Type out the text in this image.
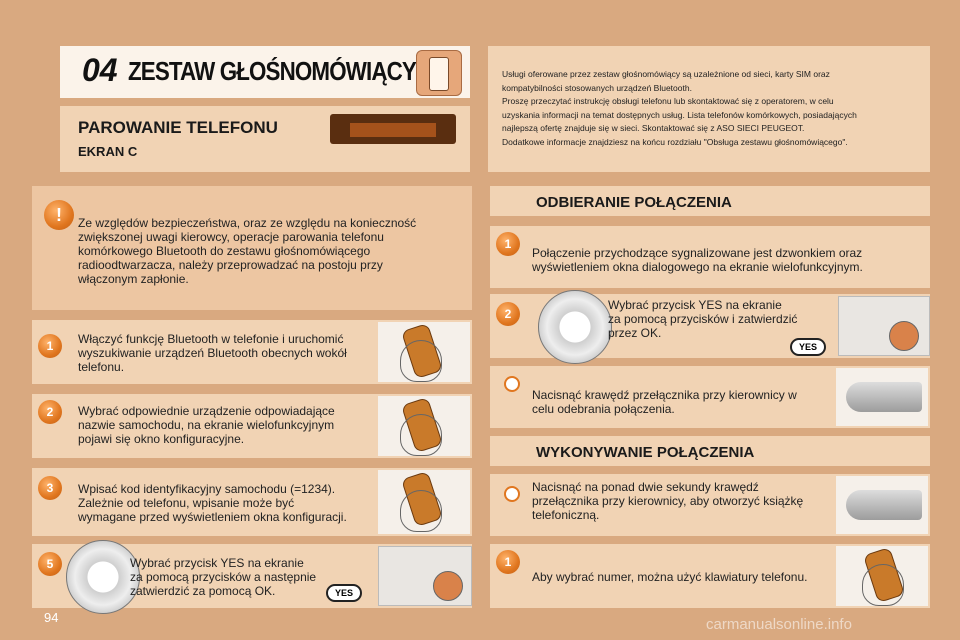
04 ZESTAW GŁOŚNOMÓWIĄCY	Usługi oferowane przez zestaw głośnomówiący są uzależnione od sieci, karty SIM oraz
kompatybilności stosowanych urządzeń Bluetooth.
Proszę przeczytać instrukcję obsługi telefonu lub skontaktować się z operatorem, w celu
uzyskania informacji na temat dostępnych usług. Lista telefonów komórkowych, posiadających
najlepszą ofertę znajduje się w sieci. Skontaktować się z ASO SIECI PEUGEOT.
Dodatkowe informacje znajdziesz na końcu rozdziału "Obsługa zestawu głośnomówiącego".
PAROWANIE TELEFONU
EKRAN C
!	Ze względów bezpieczeństwa, oraz ze względu na konieczność
zwiększonej uwagi kierowcy, operacje parowania telefonu
komórkowego Bluetooth do zestawu głośnomówiącego
radioodtwarzacza, należy przeprowadzać na postoju przy
włączonym zapłonie.
1	Włączyć funkcję Bluetooth w telefonie i uruchomić
wyszukiwanie urządzeń Bluetooth obecnych wokół
telefonu.
2	Wybrać odpowiednie urządzenie odpowiadające
nazwie samochodu, na ekranie wielofunkcyjnym
pojawi się okno konfiguracyjne.
3	Wpisać kod identyfikacyjny samochodu (=1234).
Zależnie od telefonu, wpisanie może być
wymagane przed wyświetleniem okna konfiguracji.
5	Wybrać przycisk YES na ekranie
za pomocą przycisków a następnie
zatwierdzić za pomocą OK.	YES
ODBIERANIE POŁĄCZENIA
1
Połączenie przychodzące sygnalizowane jest dzwonkiem oraz
wyświetleniem okna dialogowego na ekranie wielofunkcyjnym.
2
Wybrać przycisk YES na ekranie
za pomocą przycisków i zatwierdzić
przez OK.
YES
Nacisnąć krawędź przełącznika przy kierownicy w
celu odebrania połączenia.
WYKONYWANIE POŁĄCZENIA
Nacisnąć na ponad dwie sekundy krawędź
przełącznika przy kierownicy, aby otworzyć książkę
telefoniczną.
1
Aby wybrać numer, można użyć klawiatury telefonu.
94	carmanualsonline.info
